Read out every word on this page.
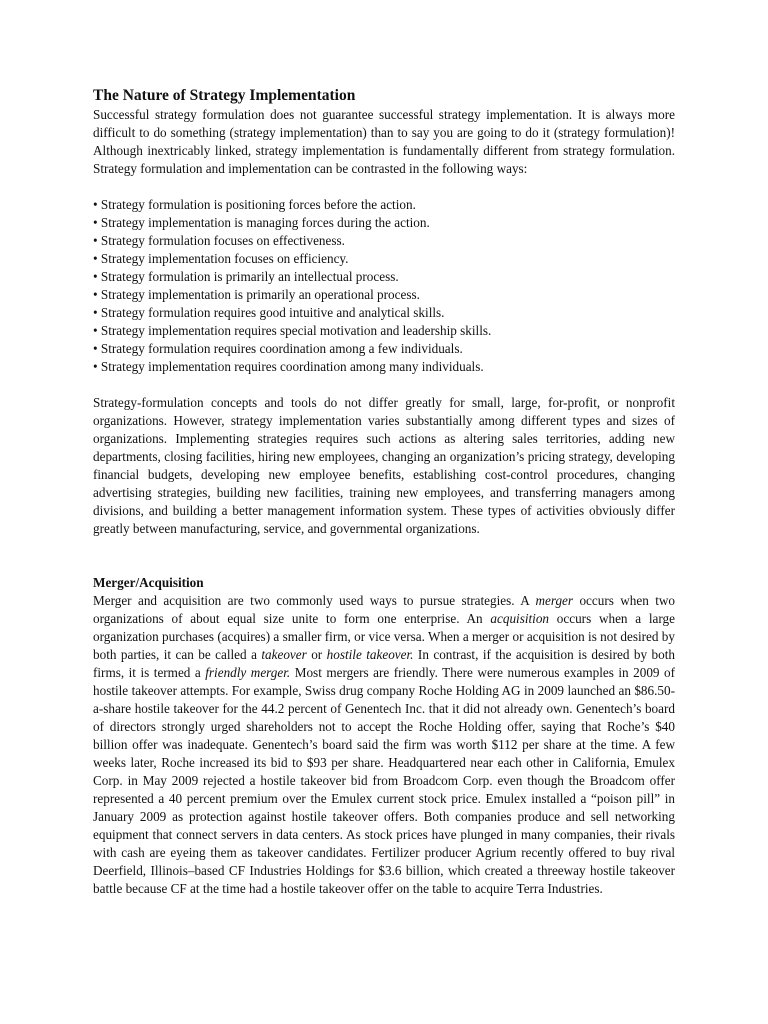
The Nature of Strategy Implementation

Successful strategy formulation does not guarantee successful strategy implementation. It is always more difficult to do something (strategy implementation) than to say you are going to do it (strategy formulation)! Although inextricably linked, strategy implementation is fundamentally different from strategy formulation. Strategy formulation and implementation can be contrasted in the following ways:

• Strategy formulation is positioning forces before the action.
• Strategy implementation is managing forces during the action.
• Strategy formulation focuses on effectiveness.
• Strategy implementation focuses on efficiency.
• Strategy formulation is primarily an intellectual process.
• Strategy implementation is primarily an operational process.
• Strategy formulation requires good intuitive and analytical skills.
• Strategy implementation requires special motivation and leadership skills.
• Strategy formulation requires coordination among a few individuals.
• Strategy implementation requires coordination among many individuals.

Strategy-formulation concepts and tools do not differ greatly for small, large, for-profit, or nonprofit organizations. However, strategy implementation varies substantially among different types and sizes of organizations. Implementing strategies requires such actions as altering sales territories, adding new departments, closing facilities, hiring new employees, changing an organization’s pricing strategy, developing financial budgets, developing new employee benefits, establishing cost-control procedures, changing advertising strategies, building new facilities, training new employees, and transferring managers among divisions, and building a better management information system. These types of activities obviously differ greatly between manufacturing, service, and governmental organizations.

Merger/Acquisition

Merger and acquisition are two commonly used ways to pursue strategies. A merger occurs when two organizations of about equal size unite to form one enterprise. An acquisition occurs when a large organization purchases (acquires) a smaller firm, or vice versa. When a merger or acquisition is not desired by both parties, it can be called a takeover or hostile takeover. In contrast, if the acquisition is desired by both firms, it is termed a friendly merger. Most mergers are friendly. There were numerous examples in 2009 of hostile takeover attempts. For example, Swiss drug company Roche Holding AG in 2009 launched an $86.50-a-share hostile takeover for the 44.2 percent of Genentech Inc. that it did not already own. Genentech’s board of directors strongly urged shareholders not to accept the Roche Holding offer, saying that Roche’s $40 billion offer was inadequate. Genentech’s board said the firm was worth $112 per share at the time. A few weeks later, Roche increased its bid to $93 per share. Headquartered near each other in California, Emulex Corp. in May 2009 rejected a hostile takeover bid from Broadcom Corp. even though the Broadcom offer represented a 40 percent premium over the Emulex current stock price. Emulex installed a “poison pill” in January 2009 as protection against hostile takeover offers. Both companies produce and sell networking equipment that connect servers in data centers. As stock prices have plunged in many companies, their rivals with cash are eyeing them as takeover candidates. Fertilizer producer Agrium recently offered to buy rival Deerfield, Illinois–based CF Industries Holdings for $3.6 billion, which created a threeway hostile takeover battle because CF at the time had a hostile takeover offer on the table to acquire Terra Industries.
